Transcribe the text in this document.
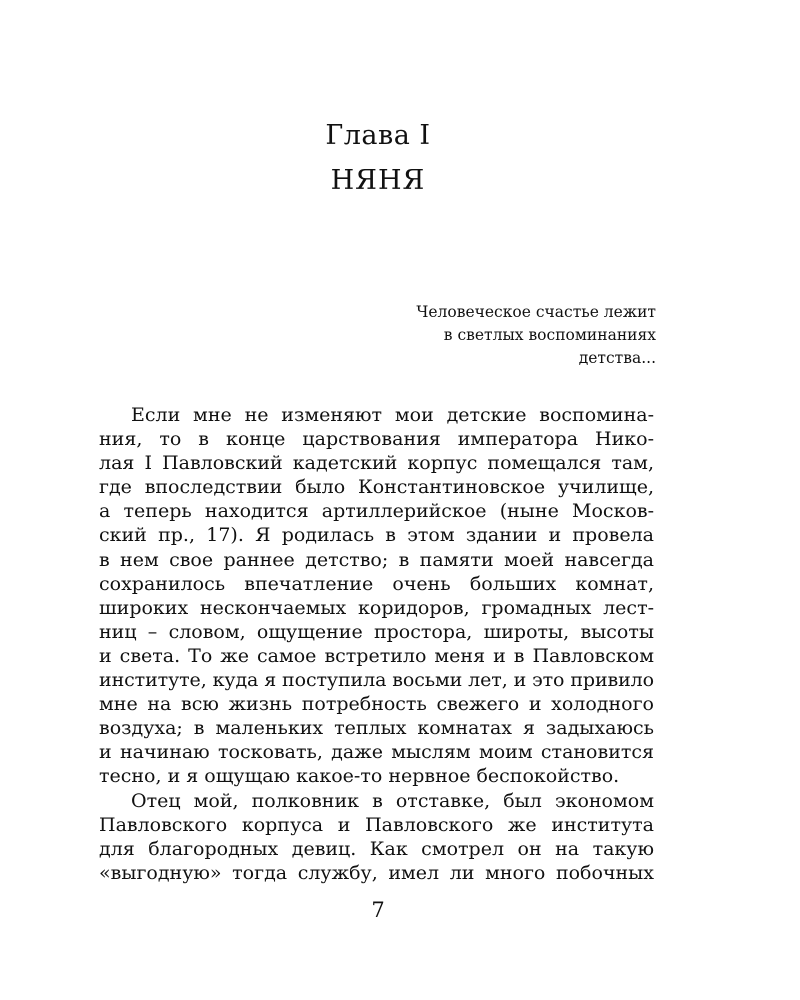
Глава I
НЯНЯ
Человеческое счастье лежит
в светлых воспоминаниях
детства...
Если мне не изменяют мои детские воспомина-
ния, то в конце царствования императора Нико-
лая I Павловский кадетский корпус помещался там,
где впоследствии было Константиновское училище,
а теперь находится артиллерийское (ныне Москов-
ский пр., 17). Я родилась в этом здании и провела
в нем свое раннее детство; в памяти моей навсегда
сохранилось впечатление очень больших комнат,
широких нескончаемых коридоров, громадных лест-
ниц – словом, ощущение простора, широты, высоты
и света. То же самое встретило меня и в Павловском
институте, куда я поступила восьми лет, и это привило
мне на всю жизнь потребность свежего и холодного
воздуха; в маленьких теплых комнатах я задыхаюсь
и начинаю тосковать, даже мыслям моим становится
тесно, и я ощущаю какое-то нервное беспокойство.
Отец мой, полковник в отставке, был экономом
Павловского корпуса и Павловского же института
для благородных девиц. Как смотрел он на такую
«выгодную» тогда службу, имел ли много побочных
7
